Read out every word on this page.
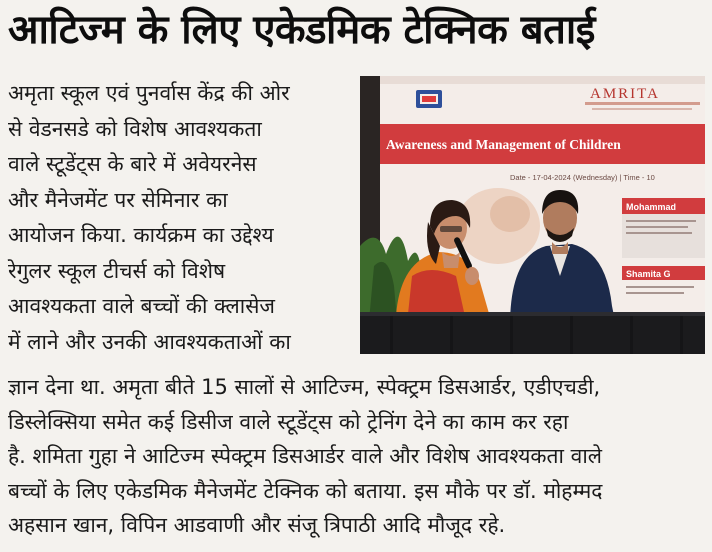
आटिज्म के लिए एकेडमिक टेक्निक बताई
अमृता स्कूल एवं पुनर्वास केंद्र की ओर
से वेडनसडे को विशेष आवश्यकता
वाले स्टूडेंट्स के बारे में अवेयरनेस
और मैनेजमेंट पर सेमिनार का
आयोजन किया. कार्यक्रम का उद्देश्य
रेगुलर स्कूल टीचर्स को विशेष
आवश्यकता वाले बच्चों की क्लासेज
में लाने और उनकी आवश्यकताओं का
AMRITA
Awareness and Management of Children
Date - 17-04-2024 (Wednesday) | Time - 10
Mohammad
Shamita G
ज्ञान देना था. अमृता बीते 15 सालों से आटिज्म, स्पेक्ट्रम डिसआर्डर, एडीएचडी,
डिस्लेक्सिया समेत कई डिसीज वाले स्टूडेंट्स को ट्रेनिंग देने का काम कर रहा
है. शमिता गुहा ने आटिज्म स्पेक्ट्रम डिसआर्डर वाले और विशेष आवश्यकता वाले
बच्चों के लिए एकेडमिक मैनेजमेंट टेक्निक को बताया. इस मौके पर डॉ. मोहम्मद
अहसान खान, विपिन आडवाणी और संजू त्रिपाठी आदि मौजूद रहे.
